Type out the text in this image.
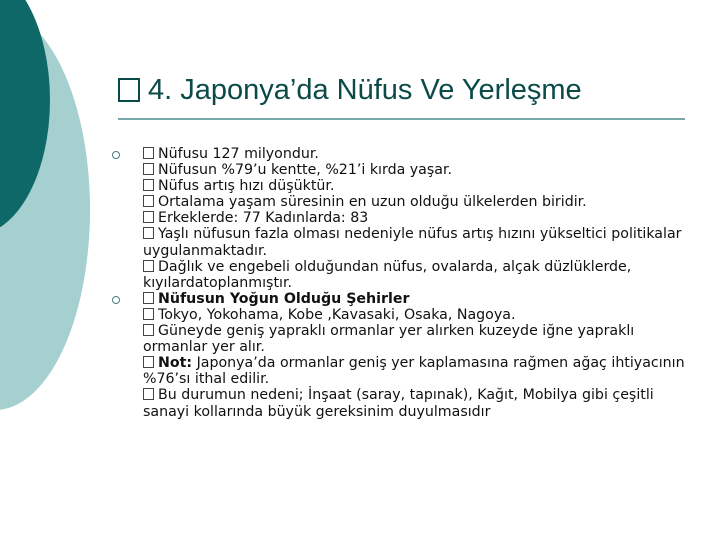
4. Japonya’da Nüfus Ve Yerleşme
Nüfusu 127 milyondur.
Nüfusun %79’u kentte, %21’i kırda yaşar.
Nüfus artış hızı düşüktür.
Ortalama yaşam süresinin en uzun olduğu ülkelerden biridir.
Erkeklerde: 77 Kadınlarda: 83
Yaşlı nüfusun fazla olması nedeniyle nüfus artış hızını yükseltici politikalar uygulanmaktadır.
Dağlık ve engebeli olduğundan nüfus, ovalarda, alçak düzlüklerde, kıyılardatoplanmıştır.
Nüfusun Yoğun Olduğu Şehirler
Tokyo, Yokohama, Kobe ,Kavasaki, Osaka, Nagoya.
Güneyde geniş yapraklı ormanlar yer alırken kuzeyde iğne yapraklı ormanlar yer alır.
Not: Japonya’da ormanlar geniş yer kaplamasına rağmen ağaç ihtiyacının %76’sı ithal edilir.
Bu durumun nedeni; İnşaat (saray, tapınak), Kağıt, Mobilya gibi çeşitli sanayi kollarında büyük gereksinim duyulmasıdır
